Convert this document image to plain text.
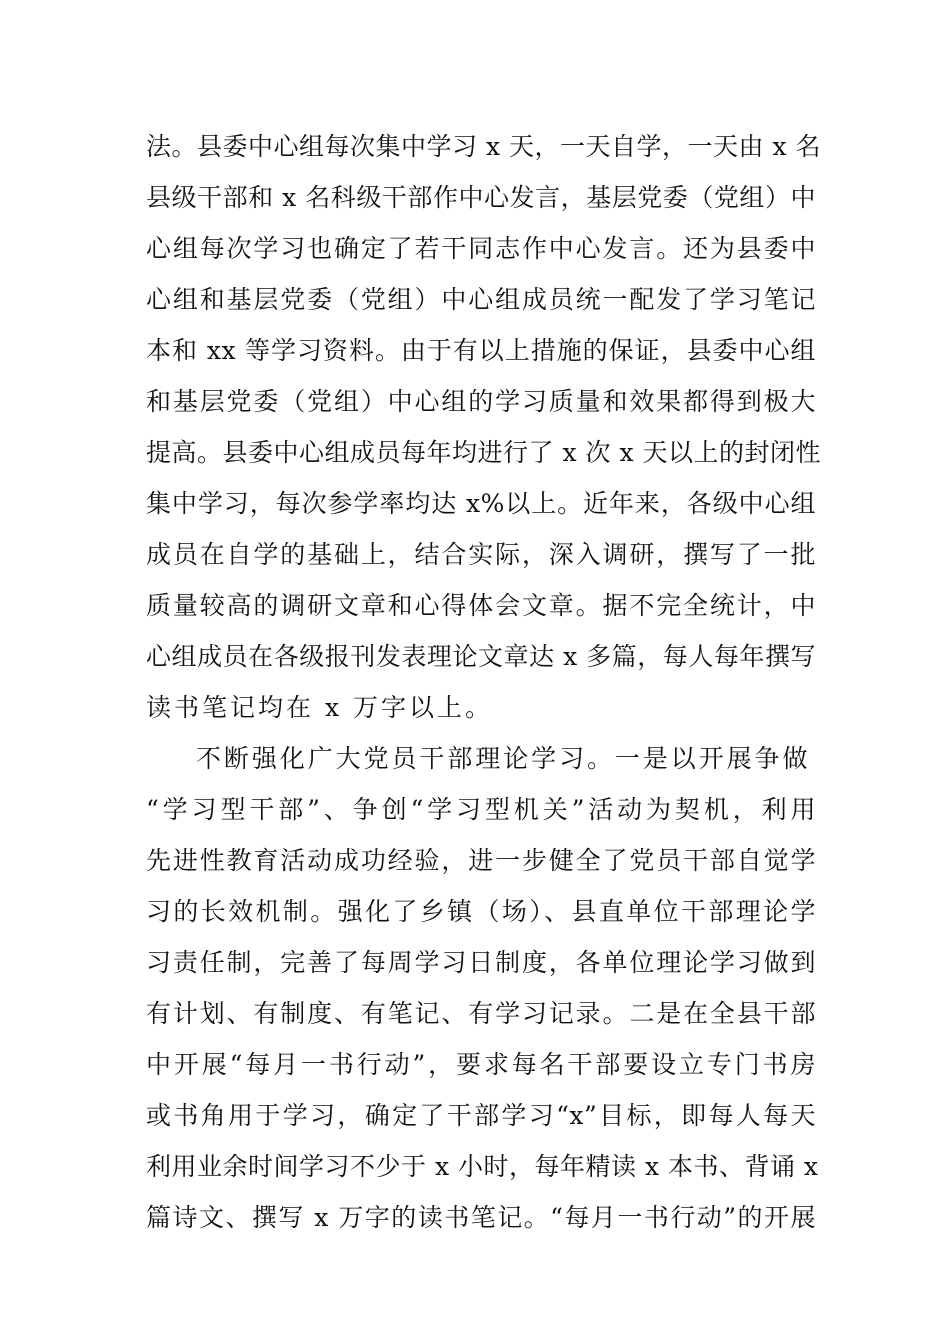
法。县委中心组每次集中学习 x 天，一天自学，一天由 x 名
县级干部和 x 名科级干部作中心发言，基层党委（党组）中
心组每次学习也确定了若干同志作中心发言。还为县委中
心组和基层党委（党组）中心组成员统一配发了学习笔记
本和 xx 等学习资料。由于有以上措施的保证，县委中心组
和基层党委（党组）中心组的学习质量和效果都得到极大
提高。县委中心组成员每年均进行了 x 次 x 天以上的封闭性
集中学习，每次参学率均达 x%以上。近年来，各级中心组
成员在自学的基础上，结合实际，深入调研，撰写了一批
质量较高的调研文章和心得体会文章。据不完全统计，中
心组成员在各级报刊发表理论文章达 x 多篇，每人每年撰写
读书笔记均在 x 万字以上。
不断强化广大党员干部理论学习。一是以开展争做
“学习型干部”、争创“学习型机关”活动为契机，利用
先进性教育活动成功经验，进一步健全了党员干部自觉学
习的长效机制。强化了乡镇（场）、县直单位干部理论学
习责任制，完善了每周学习日制度，各单位理论学习做到
有计划、有制度、有笔记、有学习记录。二是在全县干部
中开展“每月一书行动”，要求每名干部要设立专门书房
或书角用于学习，确定了干部学习“x”目标，即每人每天
利用业余时间学习不少于 x 小时，每年精读 x 本书、背诵 x
篇诗文、撰写 x 万字的读书笔记。“每月一书行动”的开展
